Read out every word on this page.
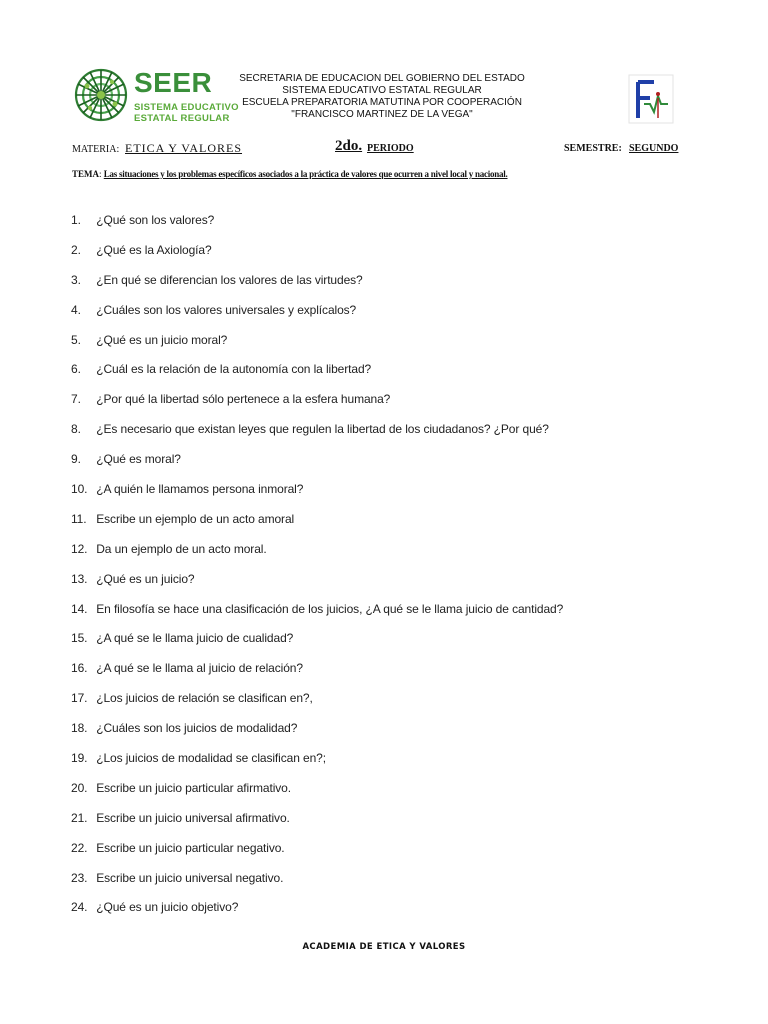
SEER
SISTEMA EDUCATIVO
ESTATAL REGULAR
SECRETARIA DE EDUCACION DEL GOBIERNO DEL ESTADO
SISTEMA EDUCATIVO ESTATAL REGULAR
ESCUELA PREPARATORIA MATUTINA POR COOPERACIÓN
"FRANCISCO MARTINEZ DE LA VEGA"
MATERIA: ETICA Y VALORES	2do. PERIODO	SEMESTRE: SEGUNDO
TEMA: Las situaciones y los problemas específicos asociados a la práctica de valores que ocurren a nivel local y nacional.
1. ¿Qué son los valores?
2. ¿Qué es la Axiología?
3. ¿En qué se diferencian los valores de las virtudes?
4. ¿Cuáles son los valores universales y explícalos?
5. ¿Qué es un juicio moral?
6. ¿Cuál es la relación de la autonomía con la libertad?
7. ¿Por qué la libertad sólo pertenece a la esfera humana?
8. ¿Es necesario que existan leyes que regulen la libertad de los ciudadanos? ¿Por qué?
9. ¿Qué es moral?
10. ¿A quién le llamamos persona inmoral?
11. Escribe un ejemplo de un acto amoral
12. Da un ejemplo de un acto moral.
13. ¿Qué es un juicio?
14. En filosofía se hace una clasificación de los juicios, ¿A qué se le llama juicio de cantidad?
15. ¿A qué se le llama juicio de cualidad?
16. ¿A qué se le llama al juicio de relación?
17. ¿Los juicios de relación se clasifican en?,
18. ¿Cuáles son los juicios de modalidad?
19. ¿Los juicios de modalidad se clasifican en?;
20. Escribe un juicio particular afirmativo.
21. Escribe un juicio universal afirmativo.
22. Escribe un juicio particular negativo.
23. Escribe un juicio universal negativo.
24. ¿Qué es un juicio objetivo?
ACADEMIA DE ETICA Y VALORES
